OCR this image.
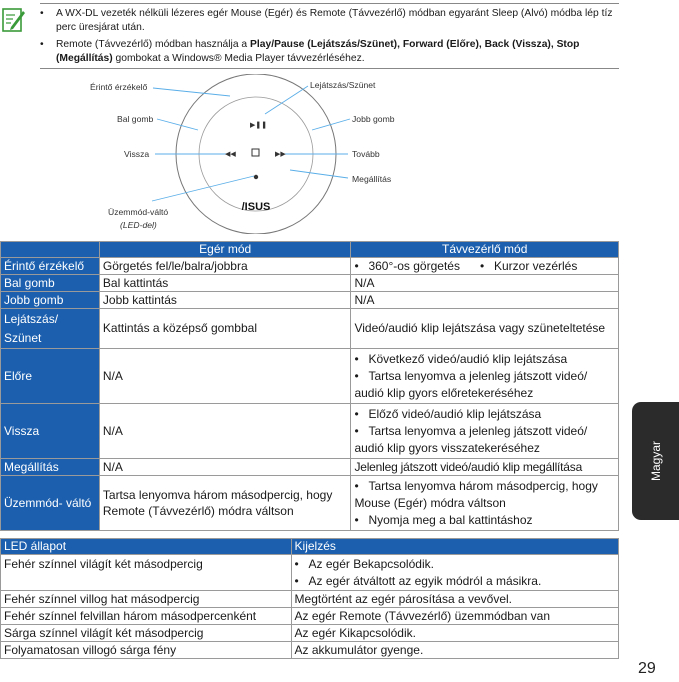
• A WX-DL vezeték nélküli lézeres egér Mouse (Egér) és Remote (Távvezérlő) módban egyaránt Sleep (Alvó) módba lép tíz perc üresjárat után.
• Remote (Távvezérlő) módban használja a Play/Pause (Lejátszás/Szünet), Forward (Előre), Back (Vissza), Stop (Megállítás) gombokat a Windows® Media Player távvezérléséhez.
▶❚❚
◀◀	▶▶
/ISUS
Érintő érzékelő	Lejátszás/Szünet
Bal gomb	Jobb gomb
Vissza	Tovább
Megállítás
Üzemmód-váltó
(LED-del)
	Egér mód	Távvezérlő mód
Érintő érzékelő	Görgetés fel/le/balra/jobbra	• 360°-os görgetés • Kurzor vezérlés
Bal gomb	Bal kattintás	N/A
Jobb gomb	Jobb kattintás	N/A
Lejátszás/ Szünet	Kattintás a középső gombbal	Videó/audió klip lejátszása vagy szüneteltetése
Előre	N/A	• Következő videó/audió klip lejátszása
• Tartsa lenyomva a jelenleg játszott videó/ audió klip gyors előretekeréséhez
Vissza	N/A	• Előző videó/audió klip lejátszása
• Tartsa lenyomva a jelenleg játszott videó/ audió klip gyors visszatekeréséhez
Megállítás	N/A	Jelenleg játszott videó/audió klip megállítása
Üzemmód- váltó	Tartsa lenyomva három másodpercig, hogy Remote (Távvezérlő) módra váltson	• Tartsa lenyomva három másodpercig, hogy Mouse (Egér) módra váltson
• Nyomja meg a bal kattintáshoz
LED állapot	Kijelzés
Fehér színnel világít két másodpercig	• Az egér Bekapcsolódik.
• Az egér átváltott az egyik módról a másikra.
Fehér színnel villog hat másodpercig	Megtörtént az egér párosítása a vevővel.
Fehér színnel felvillan három másodpercenként	Az egér Remote (Távvezérlő) üzemmódban van
Sárga színnel világít két másodpercig	Az egér Kikapcsolódik.
Folyamatosan villogó sárga fény	Az akkumulátor gyenge.
Magyar
29
